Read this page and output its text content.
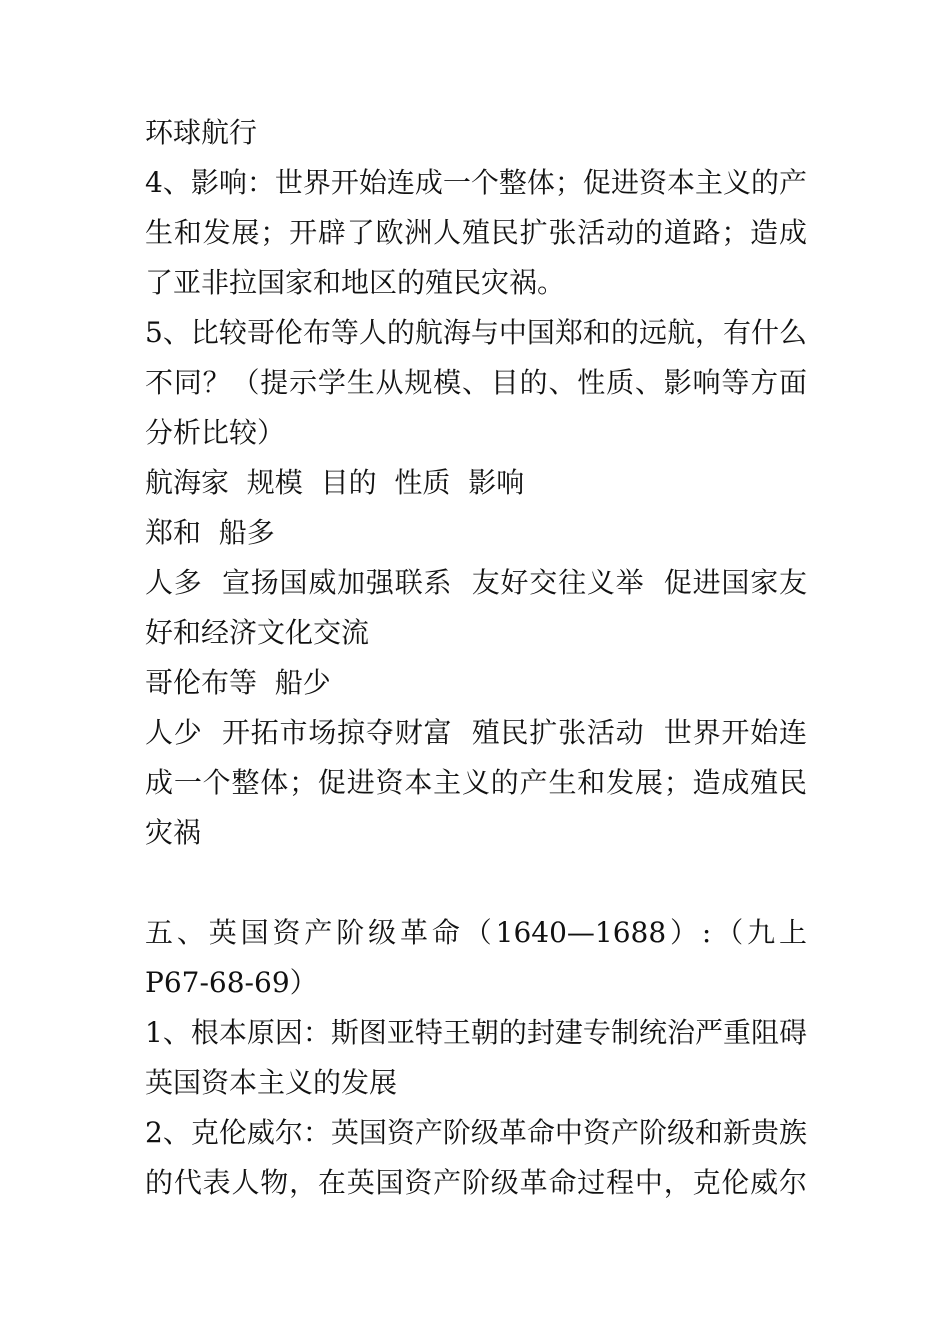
环球航行
4、影响：世界开始连成一个整体；促进资本主义的产
生和发展；开辟了欧洲人殖民扩张活动的道路；造成
了亚非拉国家和地区的殖民灾祸。
5、比较哥伦布等人的航海与中国郑和的远航，有什么
不同？（提示学生从规模、目的、性质、影响等方面
分析比较）
航海家  规模  目的  性质  影响
郑和  船多
人多  宣扬国威加强联系  友好交往义举  促进国家友
好和经济文化交流
哥伦布等  船少
人少  开拓市场掠夺财富  殖民扩张活动  世界开始连
成一个整体；促进资本主义的产生和发展；造成殖民
灾祸
五、英国资产阶级革命（1640—1688）:（九上
P67-68-69）
1、根本原因：斯图亚特王朝的封建专制统治严重阻碍
英国资本主义的发展
2、克伦威尔：英国资产阶级革命中资产阶级和新贵族
的代表人物，在英国资产阶级革命过程中，克伦威尔
